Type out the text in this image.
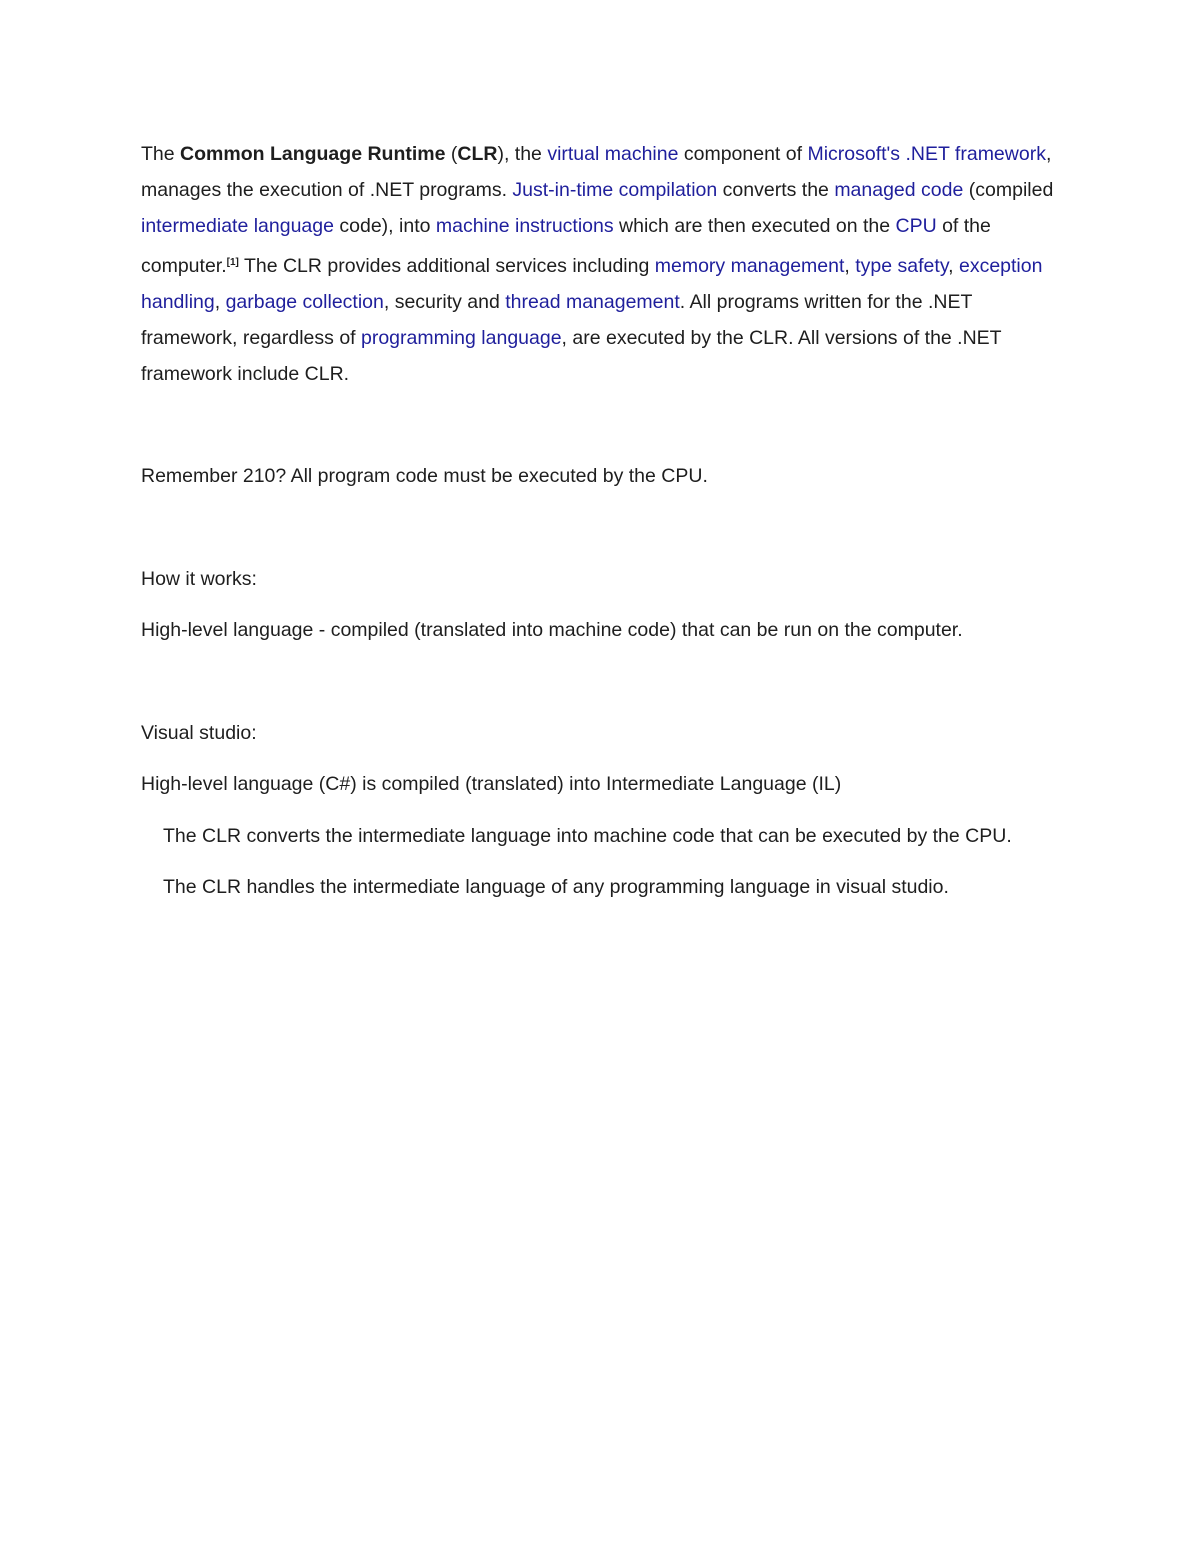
The Common Language Runtime (CLR), the virtual machine component of Microsoft's .NET framework, manages the execution of .NET programs. Just-in-time compilation converts the managed code (compiled intermediate language code), into machine instructions which are then executed on the CPU of the computer.[1] The CLR provides additional services including memory management, type safety, exception handling, garbage collection, security and thread management. All programs written for the .NET framework, regardless of programming language, are executed by the CLR. All versions of the .NET framework include CLR.

Remember 210? All program code must be executed by the CPU.

How it works:

High-level language - compiled (translated into machine code) that can be run on the computer.

Visual studio:

High-level language (C#) is compiled (translated) into Intermediate Language (IL)

The CLR converts the intermediate language into machine code that can be executed by the CPU.

The CLR handles the intermediate language of any programming language in visual studio.
